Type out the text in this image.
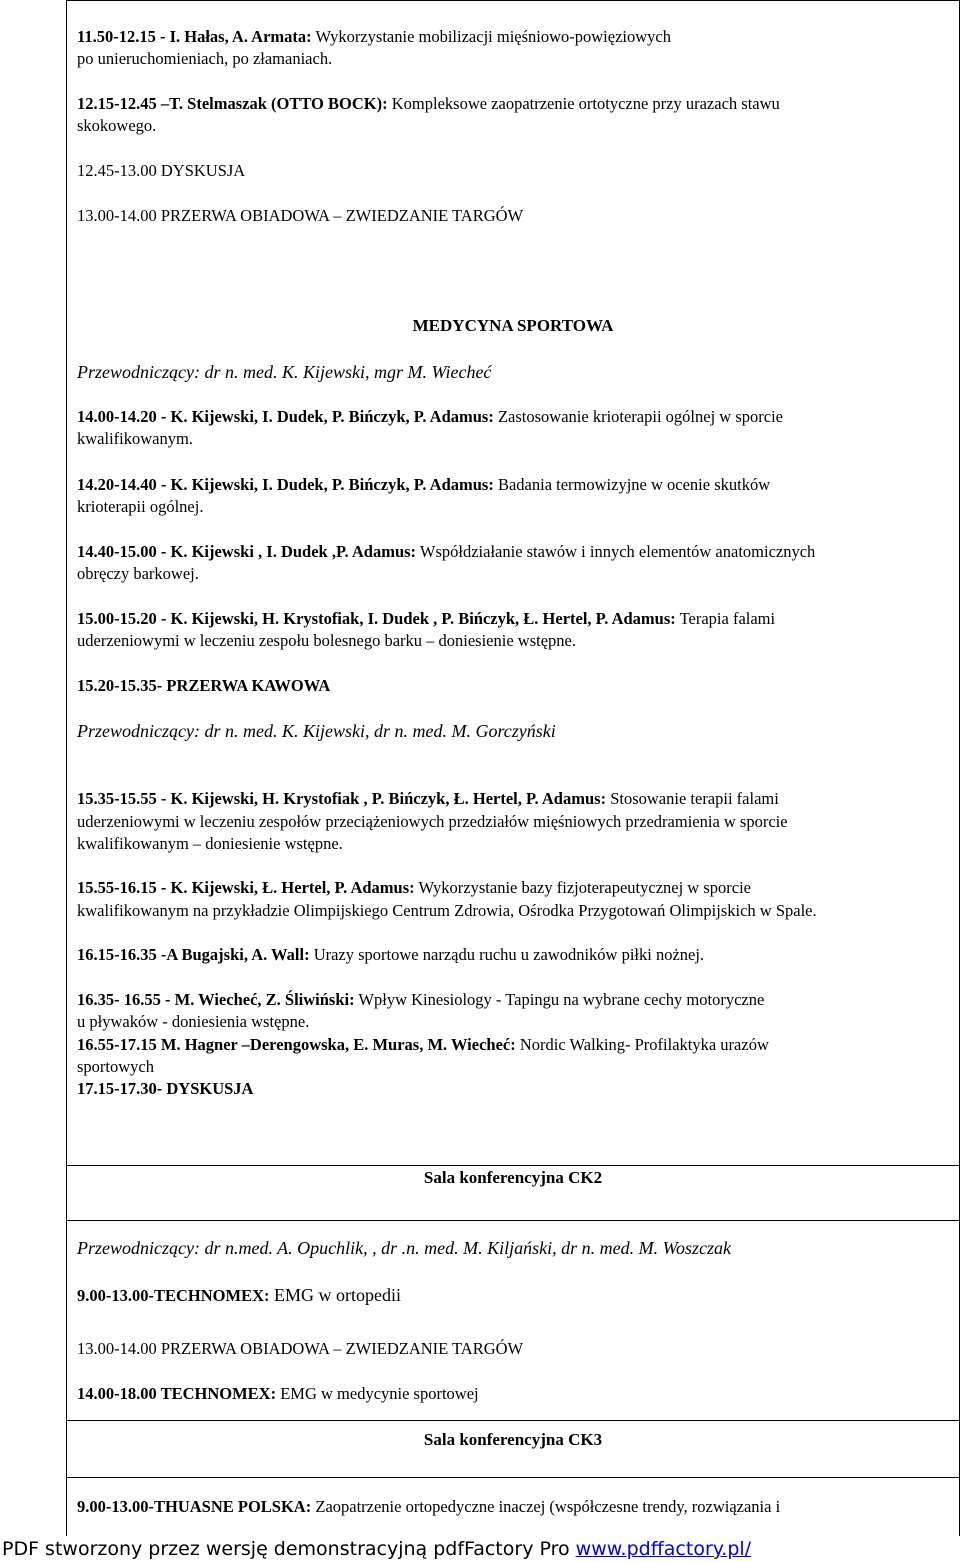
11.50-12.15 - I. Hałas, A. Armata: Wykorzystanie mobilizacji mięśniowo-powięziowych
po unieruchomieniach, po złamaniach.
12.15-12.45 –T. Stelmaszak (OTTO BOCK): Kompleksowe zaopatrzenie ortotyczne przy urazach stawu
skokowego.
12.45-13.00 DYSKUSJA
13.00-14.00 PRZERWA OBIADOWA – ZWIEDZANIE TARGÓW
MEDYCYNA SPORTOWA
Przewodniczący: dr n. med. K. Kijewski, mgr M. Wiecheć
14.00-14.20 - K. Kijewski, I. Dudek, P. Bińczyk, P. Adamus: Zastosowanie krioterapii ogólnej w sporcie
kwalifikowanym.
14.20-14.40 - K. Kijewski, I. Dudek, P. Bińczyk, P. Adamus: Badania termowizyjne w ocenie skutków
krioterapii ogólnej.
14.40-15.00 - K. Kijewski , I. Dudek ,P. Adamus: Współdziałanie stawów i innych elementów anatomicznych
obręczy barkowej.
15.00-15.20 - K. Kijewski, H. Krystofiak, I. Dudek , P. Bińczyk, Ł. Hertel, P. Adamus: Terapia falami
uderzeniowymi w leczeniu zespołu bolesnego barku – doniesienie wstępne.
15.20-15.35- PRZERWA KAWOWA
Przewodniczący: dr n. med. K. Kijewski, dr n. med. M. Gorczyński
15.35-15.55 - K. Kijewski, H. Krystofiak , P. Bińczyk, Ł. Hertel, P. Adamus: Stosowanie terapii falami
uderzeniowymi w leczeniu zespołów przeciążeniowych przedziałów mięśniowych przedramienia w sporcie
kwalifikowanym – doniesienie wstępne.
15.55-16.15 - K. Kijewski, Ł. Hertel, P. Adamus: Wykorzystanie bazy fizjoterapeutycznej w sporcie
kwalifikowanym na przykładzie Olimpijskiego Centrum Zdrowia, Ośrodka Przygotowań Olimpijskich w Spale.
16.15-16.35 -A Bugajski, A. Wall: Urazy sportowe narządu ruchu u zawodników piłki nożnej.
16.35- 16.55 - M. Wiecheć, Z. Śliwiński: Wpływ Kinesiology - Tapingu na wybrane cechy motoryczne
u pływaków - doniesienia wstępne.
16.55-17.15 M. Hagner –Derengowska, E. Muras, M. Wiecheć: Nordic Walking- Profilaktyka urazów
sportowych
17.15-17.30- DYSKUSJA
Sala konferencyjna CK2
Przewodniczący: dr n.med. A. Opuchlik, , dr .n. med. M. Kiljański, dr n. med. M. Woszczak
9.00-13.00-TECHNOMEX: EMG w ortopedii
13.00-14.00 PRZERWA OBIADOWA – ZWIEDZANIE TARGÓW
14.00-18.00 TECHNOMEX: EMG w medycynie sportowej
Sala konferencyjna CK3
9.00-13.00-THUASNE POLSKA: Zaopatrzenie ortopedyczne inaczej (współczesne trendy, rozwiązania i
PDF stworzony przez wersję demonstracyjną pdfFactory Pro www.pdffactory.pl/
